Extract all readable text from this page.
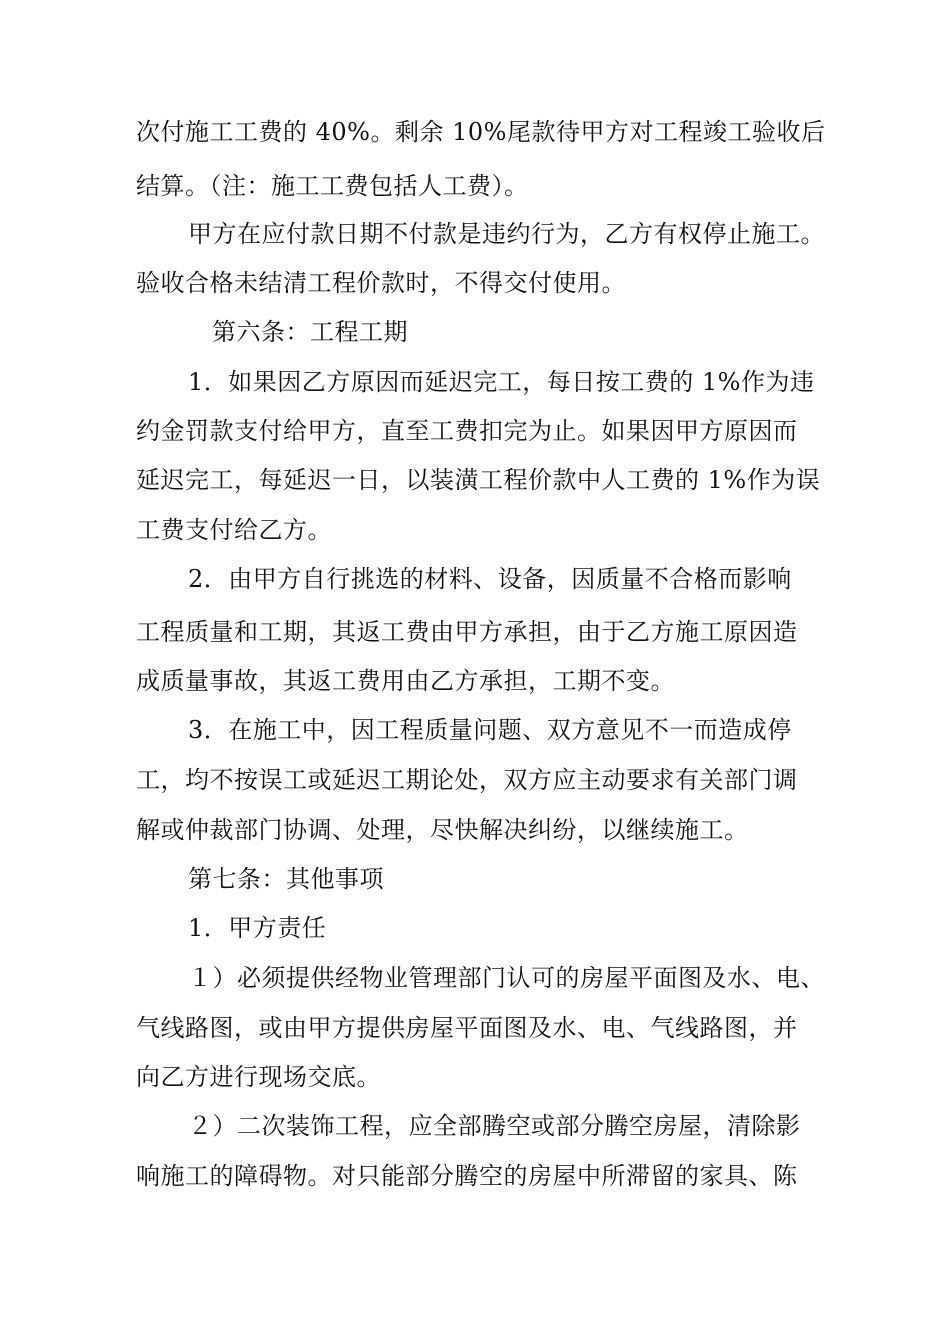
次付施工工费的 40%。剩余 10%尾款待甲方对工程竣工验收后
结算。（注：施工工费包括人工费）。
甲方在应付款日期不付款是违约行为，乙方有权停止施工。
验收合格未结清工程价款时，不得交付使用。
第六条：工程工期
1．如果因乙方原因而延迟完工，每日按工费的 1%作为违
约金罚款支付给甲方，直至工费扣完为止。如果因甲方原因而
延迟完工，每延迟一日，以装潢工程价款中人工费的 1%作为误
工费支付给乙方。
2．由甲方自行挑选的材料、设备，因质量不合格而影响
工程质量和工期，其返工费由甲方承担，由于乙方施工原因造
成质量事故，其返工费用由乙方承担，工期不变。
3．在施工中，因工程质量问题、双方意见不一而造成停
工，均不按误工或延迟工期论处，双方应主动要求有关部门调
解或仲裁部门协调、处理，尽快解决纠纷，以继续施工。
第七条：其他事项
1．甲方责任
１）必须提供经物业管理部门认可的房屋平面图及水、电、
气线路图，或由甲方提供房屋平面图及水、电、气线路图，并
向乙方进行现场交底。
２）二次装饰工程，应全部腾空或部分腾空房屋，清除影
响施工的障碍物。对只能部分腾空的房屋中所滞留的家具、陈
